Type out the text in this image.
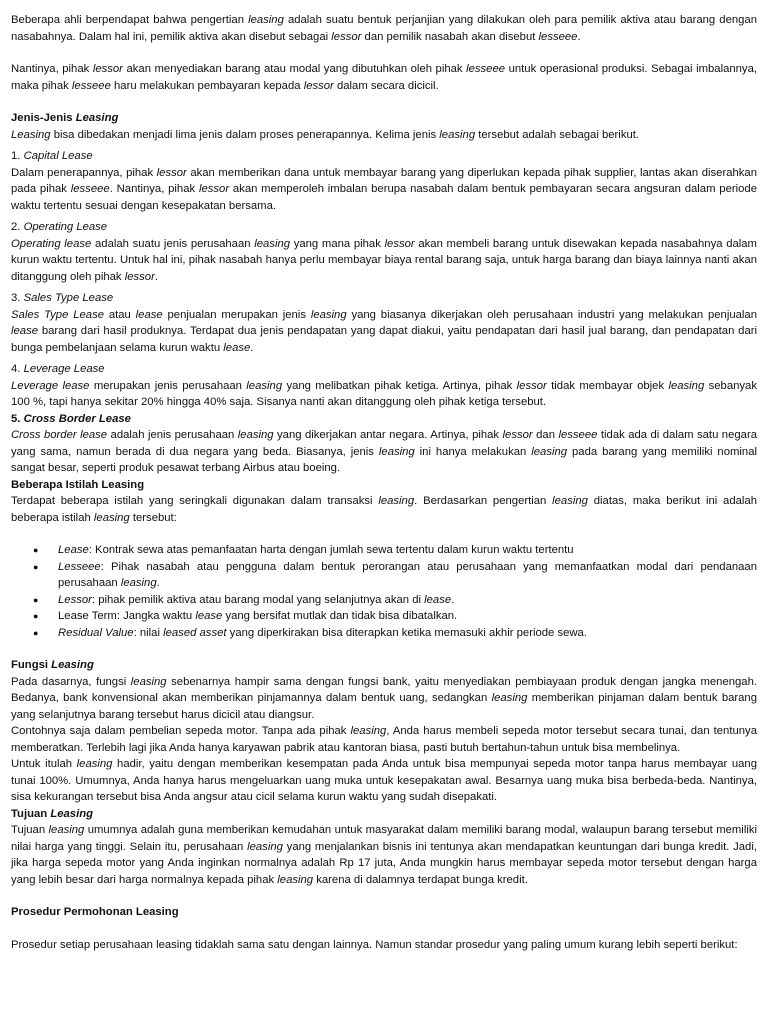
Beberapa ahli berpendapat bahwa pengertian leasing adalah suatu bentuk perjanjian yang dilakukan oleh para pemilik aktiva atau barang dengan nasabahnya. Dalam hal ini, pemilik aktiva akan disebut sebagai lessor dan pemilik nasabah akan disebut lesseee.

Nantinya, pihak lessor akan menyediakan barang atau modal yang dibutuhkan oleh pihak lesseee untuk operasional produksi. Sebagai imbalannya, maka pihak lesseee haru melakukan pembayaran kepada lessor dalam secara dicicil.

Jenis-Jenis Leasing

Leasing bisa dibedakan menjadi lima jenis dalam proses penerapannya. Kelima jenis leasing tersebut adalah sebagai berikut.

1. Capital Lease

Dalam penerapannya, pihak lessor akan memberikan dana untuk membayar barang yang diperlukan kepada pihak supplier, lantas akan diserahkan pada pihak lesseee. Nantinya, pihak lessor akan memperoleh imbalan berupa nasabah dalam bentuk pembayaran secara angsuran dalam periode waktu tertentu sesuai dengan kesepakatan bersama.

2. Operating Lease

Operating lease adalah suatu jenis perusahaan leasing yang mana pihak lessor akan membeli barang untuk disewakan kepada nasabahnya dalam kurun waktu tertentu. Untuk hal ini, pihak nasabah hanya perlu membayar biaya rental barang saja, untuk harga barang dan biaya lainnya nanti akan ditanggung oleh pihak lessor.

3. Sales Type Lease

Sales Type Lease atau lease penjualan merupakan jenis leasing yang biasanya dikerjakan oleh perusahaan industri yang melakukan penjualan lease barang dari hasil produknya. Terdapat dua jenis pendapatan yang dapat diakui, yaitu pendapatan dari hasil jual barang, dan pendapatan dari bunga pembelanjaan selama kurun waktu lease.

4. Leverage Lease

Leverage lease merupakan jenis perusahaan leasing yang melibatkan pihak ketiga. Artinya, pihak lessor tidak membayar objek leasing sebanyak 100 %, tapi hanya sekitar 20% hingga 40% saja. Sisanya nanti akan ditanggung oleh pihak ketiga tersebut.

5. Cross Border Lease

Cross border lease adalah jenis perusahaan leasing yang dikerjakan antar negara. Artinya, pihak lessor dan lesseee tidak ada di dalam satu negara yang sama, namun berada di dua negara yang beda. Biasanya, jenis leasing ini hanya melakukan leasing pada barang yang memiliki nominal sangat besar, seperti produk pesawat terbang Airbus atau boeing.

Beberapa Istilah Leasing

Terdapat beberapa istilah yang seringkali digunakan dalam transaksi leasing. Berdasarkan pengertian leasing diatas, maka berikut ini adalah beberapa istilah leasing tersebut:

● Lease: Kontrak sewa atas pemanfaatan harta dengan jumlah sewa tertentu dalam kurun waktu tertentu
● Lesseee: Pihak nasabah atau pengguna dalam bentuk perorangan atau perusahaan yang memanfaatkan modal dari pendanaan perusahaan leasing.
● Lessor: pihak pemilik aktiva atau barang modal yang selanjutnya akan di lease.
● Lease Term: Jangka waktu lease yang bersifat mutlak dan tidak bisa dibatalkan.
● Residual Value: nilai leased asset yang diperkirakan bisa diterapkan ketika memasuki akhir periode sewa.

Fungsi Leasing

Pada dasarnya, fungsi leasing sebenarnya hampir sama dengan fungsi bank, yaitu menyediakan pembiayaan produk dengan jangka menengah. Bedanya, bank konvensional akan memberikan pinjamannya dalam bentuk uang, sedangkan leasing memberikan pinjaman dalam bentuk barang yang selanjutnya barang tersebut harus dicicil atau diangsur.

Contohnya saja dalam pembelian sepeda motor. Tanpa ada pihak leasing, Anda harus membeli sepeda motor tersebut secara tunai, dan tentunya memberatkan. Terlebih lagi jika Anda hanya karyawan pabrik atau kantoran biasa, pasti butuh bertahun-tahun untuk bisa membelinya.

Untuk itulah leasing hadir, yaitu dengan memberikan kesempatan pada Anda untuk bisa mempunyai sepeda motor tanpa harus membayar uang tunai 100%. Umumnya, Anda hanya harus mengeluarkan uang muka untuk kesepakatan awal. Besarnya uang muka bisa berbeda-beda. Nantinya, sisa kekurangan tersebut bisa Anda angsur atau cicil selama kurun waktu yang sudah disepakati.

Tujuan Leasing

Tujuan leasing umumnya adalah guna memberikan kemudahan untuk masyarakat dalam memiliki barang modal, walaupun barang tersebut memiliki nilai harga yang tinggi. Selain itu, perusahaan leasing yang menjalankan bisnis ini tentunya akan mendapatkan keuntungan dari bunga kredit. Jadi, jika harga sepeda motor yang Anda inginkan normalnya adalah Rp 17 juta, Anda mungkin harus membayar sepeda motor tersebut dengan harga yang lebih besar dari harga normalnya kepada pihak leasing karena di dalamnya terdapat bunga kredit.

Prosedur Permohonan Leasing

Prosedur setiap perusahaan leasing tidaklah sama satu dengan lainnya. Namun standar prosedur yang paling umum kurang lebih seperti berikut:
